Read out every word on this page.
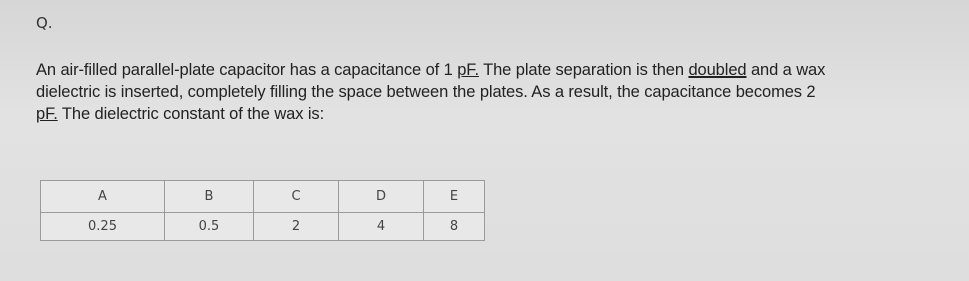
Q.
An air-filled parallel-plate capacitor has a capacitance of 1 pF. The plate separation is then doubled and a wax
dielectric is inserted, completely filling the space between the plates. As a result, the capacitance becomes 2
pF. The dielectric constant of the wax is:
A	B	C	D	E
0.25	0.5	2	4	8
